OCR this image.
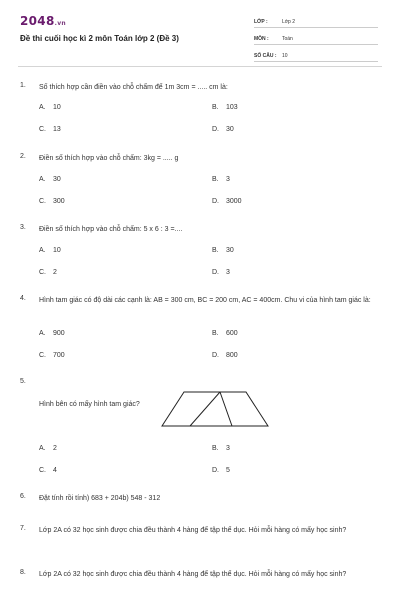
2048.vn
Đề thi cuối học kì 2 môn Toán lớp 2 (Đề 3)
LỚP :	Lớp 2
MÔN :	Toán
SỐ CÂU :	10
1. Số thích hợp cần điền vào chỗ chấm để 1m 3cm = ..... cm là:
A. 10	B. 103
C. 13	D. 30
2. Điền số thích hợp vào chỗ chấm: 3kg = ..... g
A. 30	B. 3
C. 300	D. 3000
3. Điền số thích hợp vào chỗ chấm: 5 x 6 : 3 =....
A. 10	B. 30
C. 2	D. 3
4. Hình tam giác có độ dài các cạnh là: AB = 300 cm, BC = 200 cm, AC = 400cm. Chu vi của hình tam giác là:
A. 900	B. 600
C. 700	D. 800
5.
Hình bên có mấy hình tam giác?
A. 2	B. 3
C. 4	D. 5
6. Đặt tính rồi tính) 683 + 204b) 548 - 312
7. Lớp 2A có 32 học sinh được chia đều thành 4 hàng để tập thể dục. Hỏi mỗi hàng có mấy học sinh?
8. Lớp 2A có 32 học sinh được chia đều thành 4 hàng để tập thể dục. Hỏi mỗi hàng có mấy học sinh?
